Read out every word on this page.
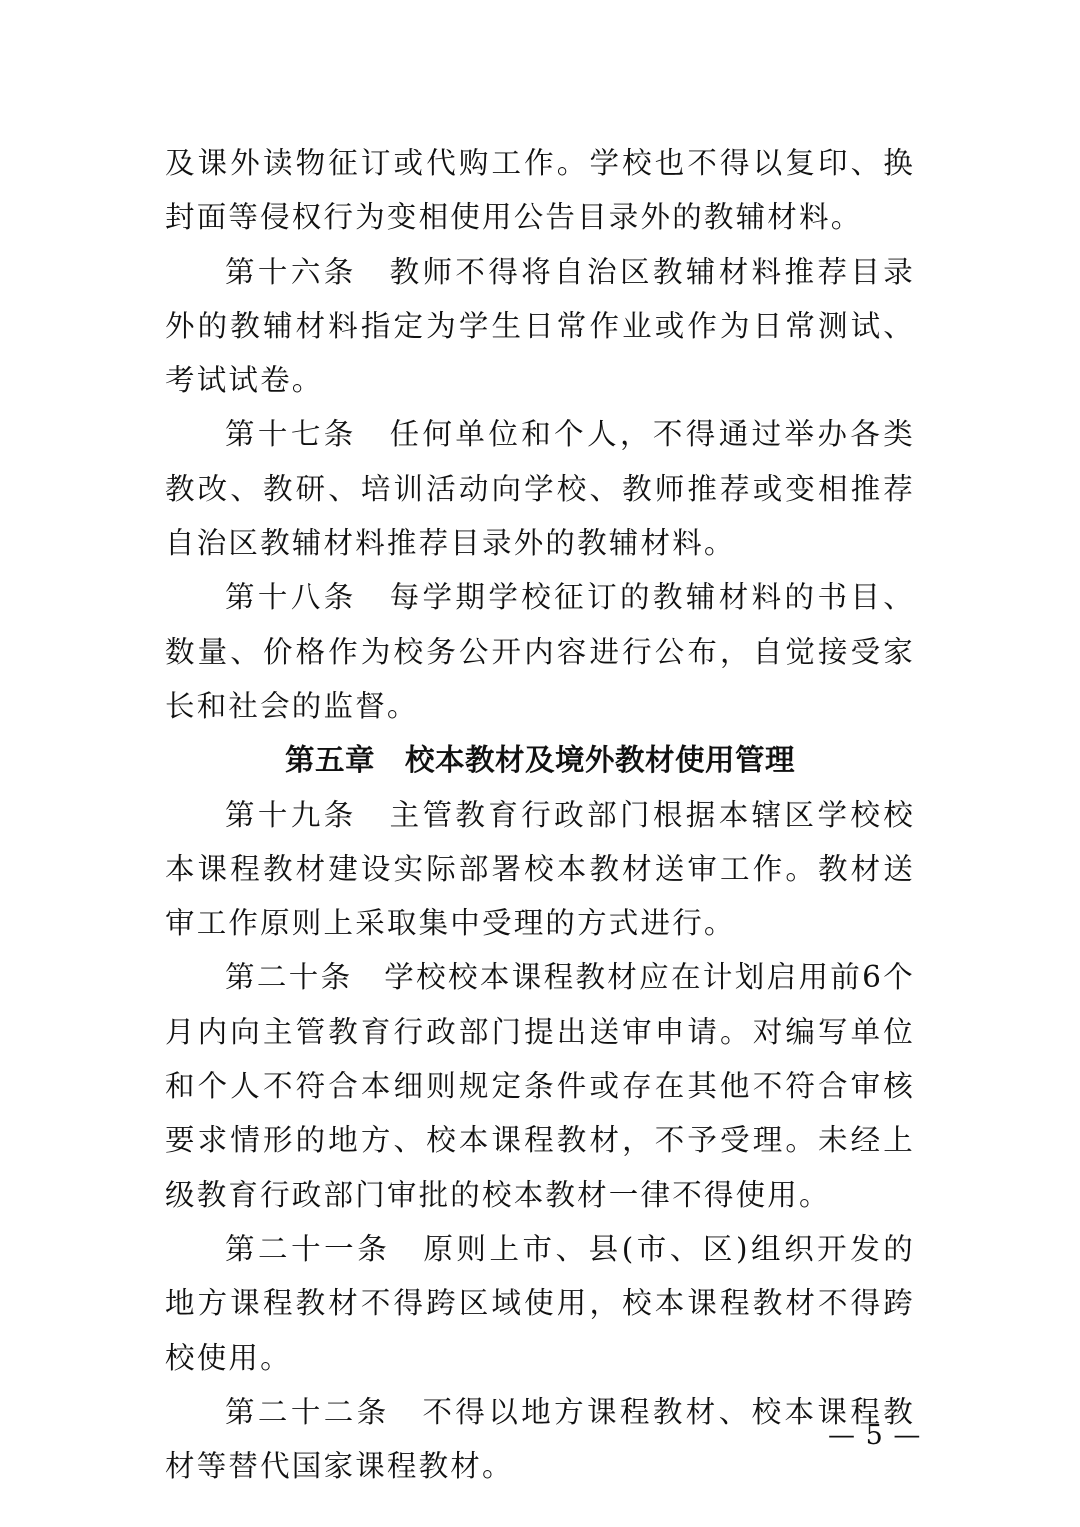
及课外读物征订或代购工作。学校也不得以复印、换封面等侵权行为变相使用公告目录外的教辅材料。

第十六条　教师不得将自治区教辅材料推荐目录外的教辅材料指定为学生日常作业或作为日常测试、考试试卷。

第十七条　任何单位和个人，不得通过举办各类教改、教研、培训活动向学校、教师推荐或变相推荐自治区教辅材料推荐目录外的教辅材料。

第十八条　每学期学校征订的教辅材料的书目、数量、价格作为校务公开内容进行公布，自觉接受家长和社会的监督。

第五章　校本教材及境外教材使用管理

第十九条　主管教育行政部门根据本辖区学校校本课程教材建设实际部署校本教材送审工作。教材送审工作原则上采取集中受理的方式进行。

第二十条　学校校本课程教材应在计划启用前6个月内向主管教育行政部门提出送审申请。对编写单位和个人不符合本细则规定条件或存在其他不符合审核要求情形的地方、校本课程教材，不予受理。未经上级教育行政部门审批的校本教材一律不得使用。

第二十一条　原则上市、县(市、区)组织开发的地方课程教材不得跨区域使用，校本课程教材不得跨校使用。

第二十二条　不得以地方课程教材、校本课程教材等替代国家课程教材。

— 5 —
